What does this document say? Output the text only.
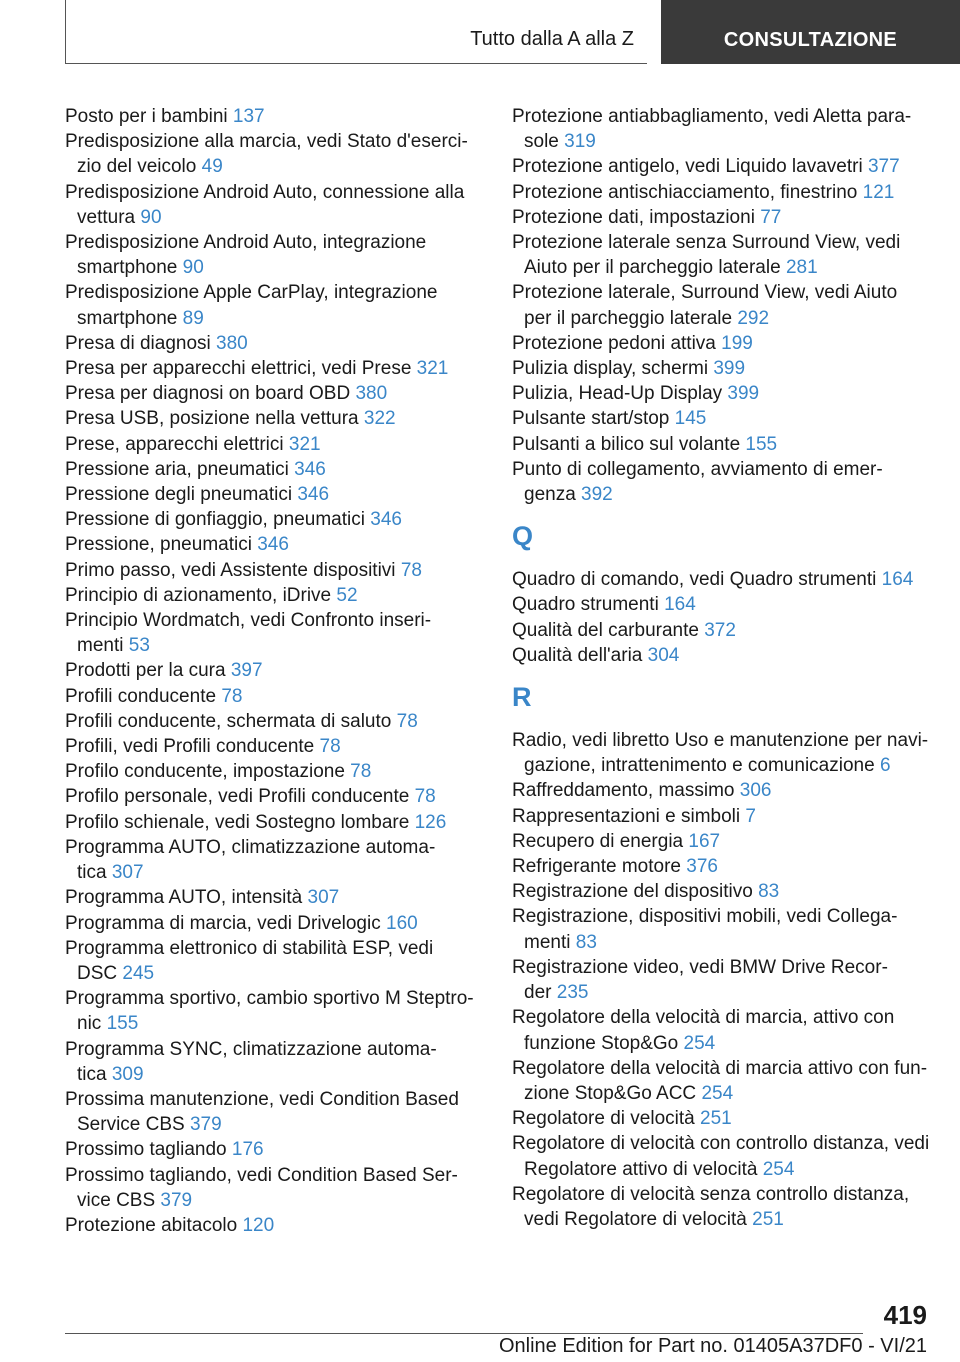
Tutto dalla A alla Z	CONSULTAZIONE
Posto per i bambini 137
Predisposizione alla marcia, vedi Stato d'eserci‐
zio del veicolo 49
Predisposizione Android Auto, connessione alla
vettura 90
Predisposizione Android Auto, integrazione
smartphone 90
Predisposizione Apple CarPlay, integrazione
smartphone 89
Presa di diagnosi 380
Presa per apparecchi elettrici, vedi Prese 321
Presa per diagnosi on board OBD 380
Presa USB, posizione nella vettura 322
Prese, apparecchi elettrici 321
Pressione aria, pneumatici 346
Pressione degli pneumatici 346
Pressione di gonfiaggio, pneumatici 346
Pressione, pneumatici 346
Primo passo, vedi Assistente dispositivi 78
Principio di azionamento, iDrive 52
Principio Wordmatch, vedi Confronto inseri‐
menti 53
Prodotti per la cura 397
Profili conducente 78
Profili conducente, schermata di saluto 78
Profili, vedi Profili conducente 78
Profilo conducente, impostazione 78
Profilo personale, vedi Profili conducente 78
Profilo schienale, vedi Sostegno lombare 126
Programma AUTO, climatizzazione automa‐
tica 307
Programma AUTO, intensità 307
Programma di marcia, vedi Drivelogic 160
Programma elettronico di stabilità ESP, vedi
DSC 245
Programma sportivo, cambio sportivo M Steptro‐
nic 155
Programma SYNC, climatizzazione automa‐
tica 309
Prossima manutenzione, vedi Condition Based
Service CBS 379
Prossimo tagliando 176
Prossimo tagliando, vedi Condition Based Ser‐
vice CBS 379
Protezione abitacolo 120
Protezione antiabbagliamento, vedi Aletta para‐
sole 319
Protezione antigelo, vedi Liquido lavavetri 377
Protezione antischiacciamento, finestrino 121
Protezione dati, impostazioni 77
Protezione laterale senza Surround View, vedi
Aiuto per il parcheggio laterale 281
Protezione laterale, Surround View, vedi Aiuto
per il parcheggio laterale 292
Protezione pedoni attiva 199
Pulizia display, schermi 399
Pulizia, Head-Up Display 399
Pulsante start/stop 145
Pulsanti a bilico sul volante 155
Punto di collegamento, avviamento di emer‐
genza 392
Q
Quadro di comando, vedi Quadro strumenti 164
Quadro strumenti 164
Qualità del carburante 372
Qualità dell'aria 304
R
Radio, vedi libretto Uso e manutenzione per navi‐
gazione, intrattenimento e comunicazione 6
Raffreddamento, massimo 306
Rappresentazioni e simboli 7
Recupero di energia 167
Refrigerante motore 376
Registrazione del dispositivo 83
Registrazione, dispositivi mobili, vedi Collega‐
menti 83
Registrazione video, vedi BMW Drive Recor‐
der 235
Regolatore della velocità di marcia, attivo con
funzione Stop&Go 254
Regolatore della velocità di marcia attivo con fun‐
zione Stop&Go ACC 254
Regolatore di velocità 251
Regolatore di velocità con controllo distanza, vedi
Regolatore attivo di velocità 254
Regolatore di velocità senza controllo distanza,
vedi Regolatore di velocità 251
419
Online Edition for Part no. 01405A37DF0 - VI/21
